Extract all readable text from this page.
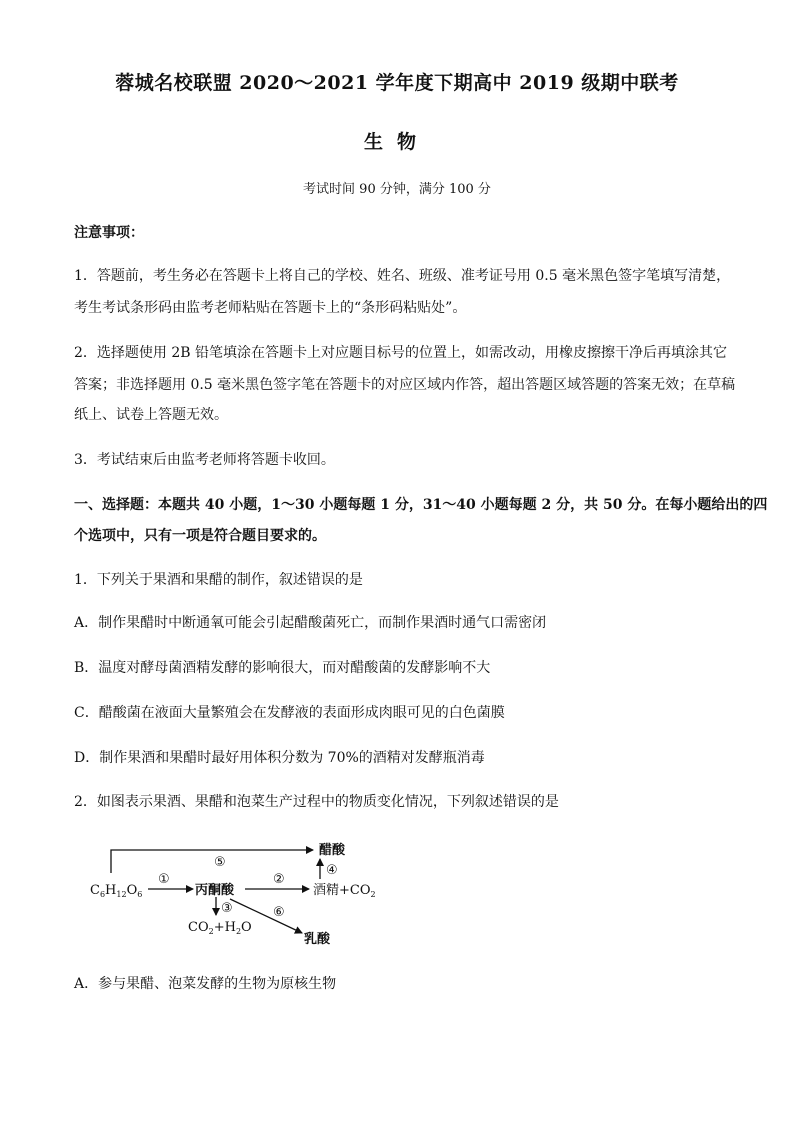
蓉城名校联盟 2020～2021 学年度下期高中 2019 级期中联考
生物
考试时间 90 分钟，满分 100 分
注意事项：
1．答题前，考生务必在答题卡上将自己的学校、姓名、班级、准考证号用 0.5 毫米黑色签字笔填写清楚，
考生考试条形码由监考老师粘贴在答题卡上的“条形码粘贴处”。
2．选择题使用 2B 铅笔填涂在答题卡上对应题目标号的位置上，如需改动，用橡皮擦擦干净后再填涂其它
答案；非选择题用 0.5 毫米黑色签字笔在答题卡的对应区域内作答，超出答题区域答题的答案无效；在草稿
纸上、试卷上答题无效。
3．考试结束后由监考老师将答题卡收回。
一、选择题：本题共 40 小题，1～30 小题每题 1 分，31～40 小题每题 2 分，共 50 分。在每小题给出的四
个选项中，只有一项是符合题目要求的。
1．下列关于果酒和果醋的制作，叙述错误的是
A．制作果醋时中断通氧可能会引起醋酸菌死亡，而制作果酒时通气口需密闭
B．温度对酵母菌酒精发酵的影响很大，而对醋酸菌的发酵影响不大
C．醋酸菌在液面大量繁殖会在发酵液的表面形成肉眼可见的白色菌膜
D．制作果酒和果醋时最好用体积分数为 70%的酒精对发酵瓶消毒
2．如图表示果酒、果醋和泡菜生产过程中的物质变化情况，下列叙述错误的是
$C_6H_{12}O_6$	丙酮酸
醋酸
酒精$+CO_2$
$CO_2+H_2O$
乳酸
①	②
③
④
⑤
⑥
A．参与果醋、泡菜发酵的生物为原核生物
